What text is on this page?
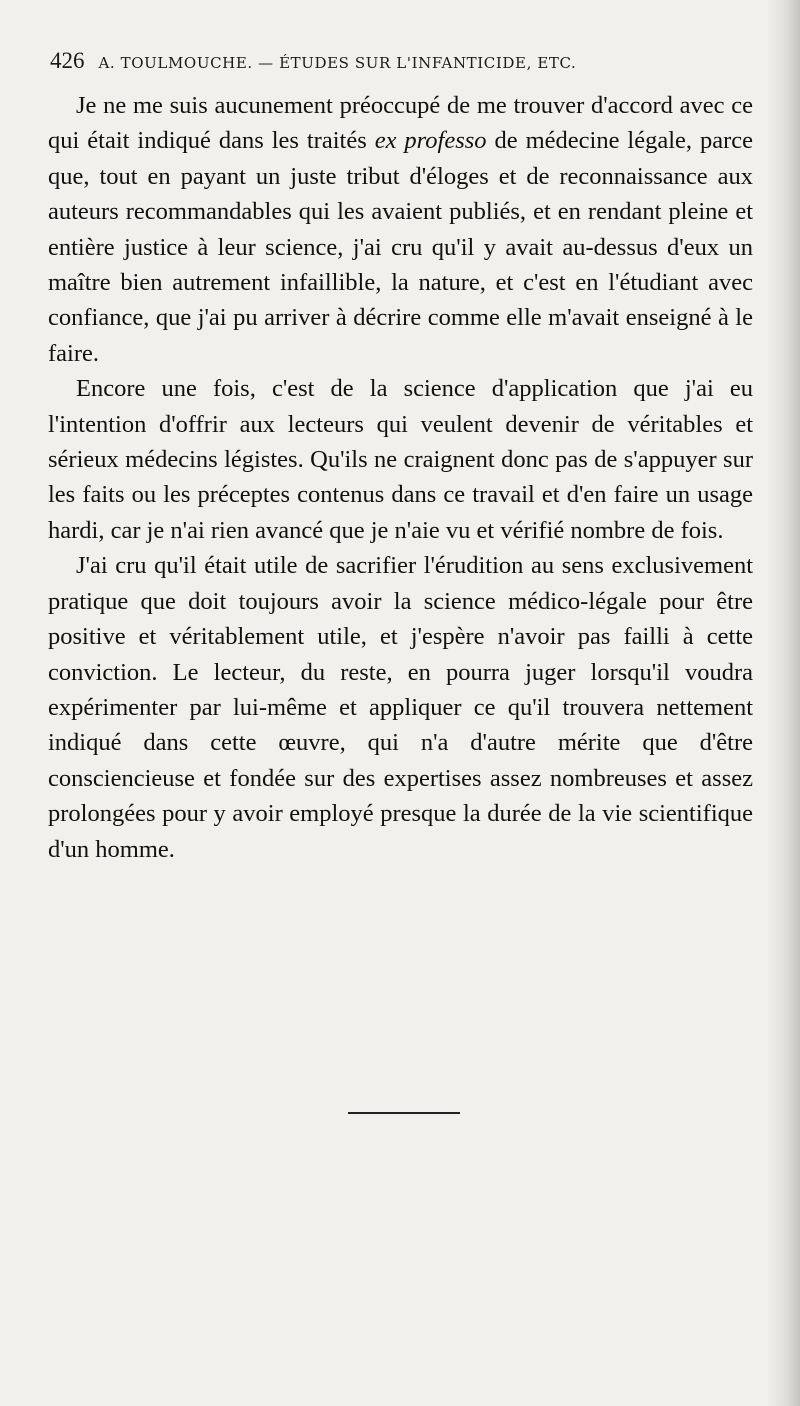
426 A. TOULMOUCHE. — ÉTUDES SUR L'INFANTICIDE, ETC.

Je ne me suis aucunement préoccupé de me trouver d'accord avec ce qui était indiqué dans les traités ex professo de médecine légale, parce que, tout en payant un juste tribut d'éloges et de reconnaissance aux auteurs recommandables qui les avaient publiés, et en rendant pleine et entière justice à leur science, j'ai cru qu'il y avait au-dessus d'eux un maître bien autrement infaillible, la nature, et c'est en l'étudiant avec confiance, que j'ai pu arriver à décrire comme elle m'avait enseigné à le faire.

Encore une fois, c'est de la science d'application que j'ai eu l'intention d'offrir aux lecteurs qui veulent devenir de véritables et sérieux médecins légistes. Qu'ils ne craignent donc pas de s'appuyer sur les faits ou les préceptes contenus dans ce travail et d'en faire un usage hardi, car je n'ai rien avancé que je n'aie vu et vérifié nombre de fois.

J'ai cru qu'il était utile de sacrifier l'érudition au sens exclusivement pratique que doit toujours avoir la science médico-légale pour être positive et véritablement utile, et j'espère n'avoir pas failli à cette conviction. Le lecteur, du reste, en pourra juger lorsqu'il voudra expérimenter par lui-même et appliquer ce qu'il trouvera nettement indiqué dans cette œuvre, qui n'a d'autre mérite que d'être consciencieuse et fondée sur des expertises assez nombreuses et assez prolongées pour y avoir employé presque la durée de la vie scientifique d'un homme.
